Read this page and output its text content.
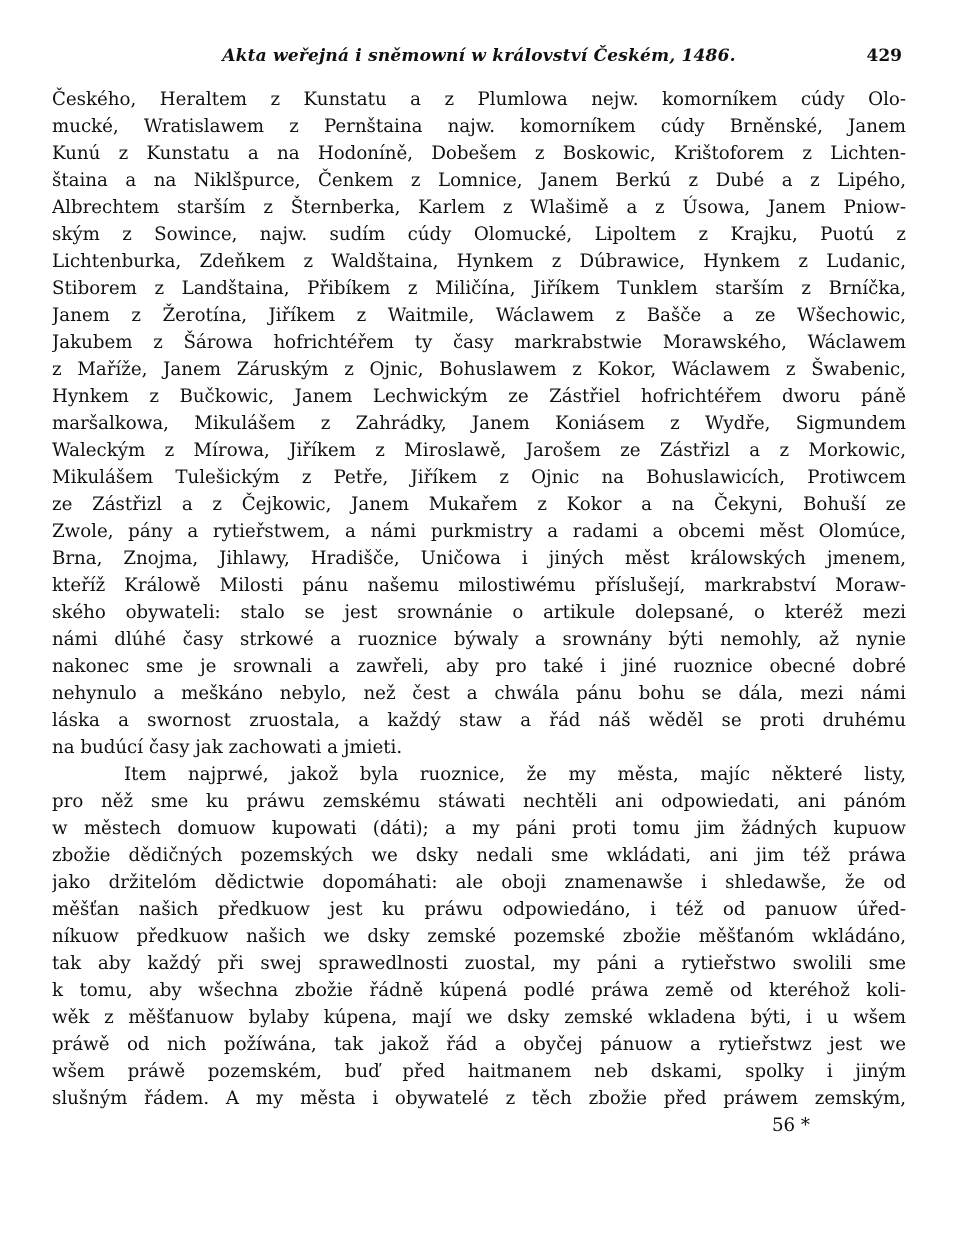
Akta weřejná i sněmowní w království Českém, 1486.	429
Českého, Heraltem z Kunstatu a z Plumlowa nejw. komorníkem cúdy Olo-
mucké, Wratislawem z Pernštaina najw. komorníkem cúdy Brněnské, Janem
Kunú z Kunstatu a na Hodoníně, Dobešem z Boskowic, Krištoforem z Lichten-
štaina a na Niklšpurce, Čenkem z Lomnice, Janem Berkú z Dubé a z Lipého,
Albrechtem starším z Šternberka, Karlem z Wlašimě a z Úsowa, Janem Pniow-
ským z Sowince, najw. sudím cúdy Olomucké, Lipoltem z Krajku, Puotú z
Lichtenburka, Zdeňkem z Waldštaina, Hynkem z Dúbrawice, Hynkem z Ludanic,
Stiborem z Landštaina, Přibíkem z Miličína, Jiříkem Tunklem starším z Brníčka,
Janem z Žerotína, Jiříkem z Waitmile, Wáclawem z Bašče a ze Wšechowic,
Jakubem z Šárowa hofrichtéřem ty časy markrabstwie Morawského, Wáclawem
z Maříže, Janem Záruským z Ojnic, Bohuslawem z Kokor, Wáclawem z Šwabenic,
Hynkem z Bučkowic, Janem Lechwickým ze Zástřiel hofrichtéřem dworu páně
maršalkowa, Mikulášem z Zahrádky, Janem Koniásem z Wydře, Sigmundem
Waleckým z Mírowa, Jiříkem z Miroslawě, Jarošem ze Zástřizl a z Morkowic,
Mikulášem Tulešickým z Petře, Jiříkem z Ojnic na Bohuslawicích, Protiwcem
ze Zástřizl a z Čejkowic, Janem Mukařem z Kokor a na Čekyni, Bohuší ze
Zwole, pány a rytieřstwem, a námi purkmistry a radami a obcemi měst Olomúce,
Brna, Znojma, Jihlawy, Hradišče, Uničowa i jiných měst králowských jmenem,
kteříž Králowě Milosti pánu našemu milostiwému příslušejí, markrabství Moraw-
ského obywateli: stalo se jest srownánie o artikule dolepsané, o kteréž mezi
námi dlúhé časy strkowé a ruoznice býwaly a srownány býti nemohly, až nynie
nakonec sme je srownali a zawřeli, aby pro také i jiné ruoznice obecné dobré
nehynulo a meškáno nebylo, než čest a chwála pánu bohu se dála, mezi námi
láska a swornost zruostala, a každý staw a řád náš wěděl se proti druhému
na budúcí časy jak zachowati a jmieti.
Item najprwé, jakož byla ruoznice, že my města, majíc některé listy,
pro něž sme ku práwu zemskému stáwati nechtěli ani odpowiedati, ani pánóm
w městech domuow kupowati (dáti); a my páni proti tomu jim žádných kupuow
zbožie dědičných pozemských we dsky nedali sme wkládati, ani jim též práwa
jako držitelóm dědictwie dopomáhati: ale oboji znamenawše i shledawše, že od
měšťan našich předkuow jest ku práwu odpowiedáno, i též od panuow úřed-
níkuow předkuow našich we dsky zemské pozemské zbožie měšťanóm wkládáno,
tak aby každý při swej sprawedlnosti zuostal, my páni a rytieřstwo swolili sme
k tomu, aby wšechna zbožie řádně kúpená podlé práwa země od kteréhož koli-
wěk z měšťanuow bylaby kúpena, mají we dsky zemské wkladena býti, i u wšem
práwě od nich požíwána, tak jakož řád a obyčej pánuow a rytieřstwz jest we
wšem práwě pozemském, buď před haitmanem neb dskami, spolky i jiným
slušným řádem. A my města i obywatelé z těch zbožie před práwem zemským,
56 *
